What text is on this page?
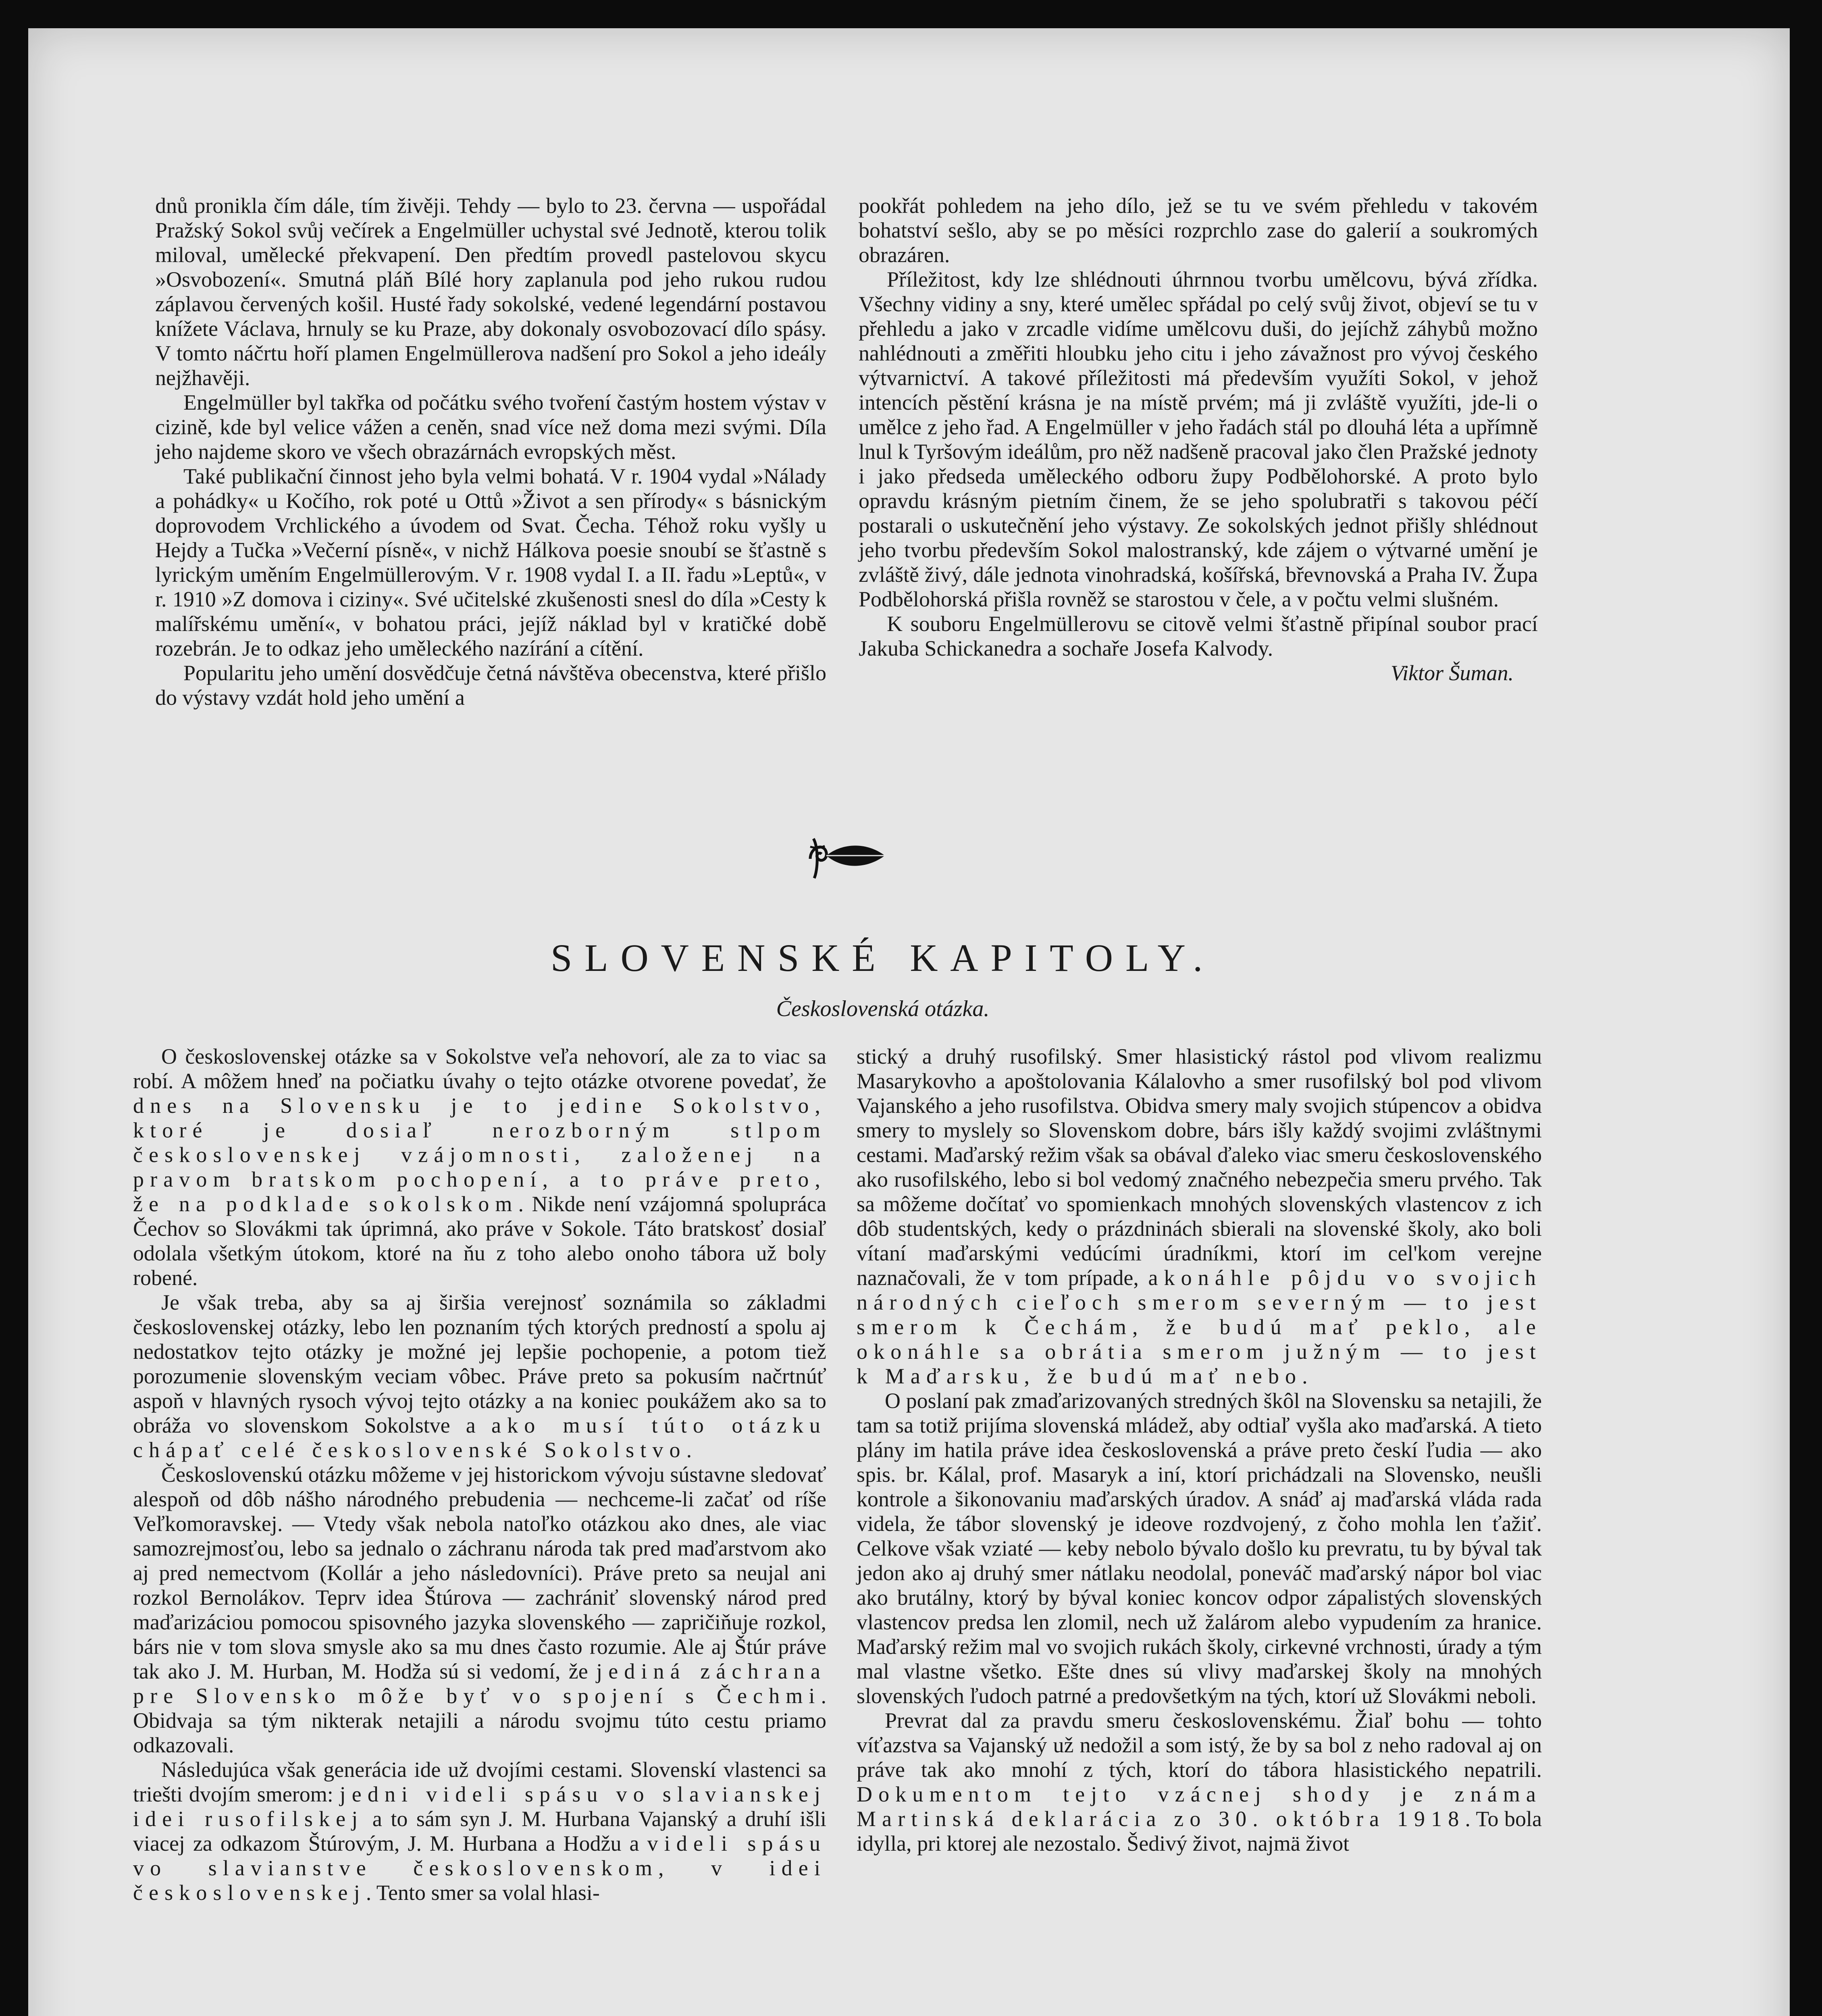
dnů pronikla čím dále, tím živěji. Tehdy — bylo to 23. června — uspořádal Pražský Sokol svůj večírek a Engelmüller uchystal své Jednotě, kterou tolik miloval, umělecké překvapení. Den předtím provedl pastelovou skycu »Osvobození«. Smutná pláň Bílé hory zaplanula pod jeho rukou rudou záplavou červených košil. Husté řady sokolské, vedené legendární postavou knížete Václava, hrnuly se ku Praze, aby dokonaly osvobozovací dílo spásy. V tomto náčrtu hoří plamen Engelmüllerova nadšení pro Sokol a jeho ideály nejžhavěji.

Engelmüller byl takřka od počátku svého tvoření častým hostem výstav v cizině, kde byl velice vážen a ceněn, snad více než doma mezi svými. Díla jeho najdeme skoro ve všech obrazárnách evropských měst.

Také publikační činnost jeho byla velmi bohatá. V r. 1904 vydal »Nálady a pohádky« u Kočího, rok poté u Ottů »Život a sen přírody« s básnickým doprovodem Vrchlického a úvodem od Svat. Čecha. Téhož roku vyšly u Hejdy a Tučka »Večerní písně«, v nichž Hálkova poesie snoubí se šťastně s lyrickým uměním Engelmüllerovým. V r. 1908 vydal I. a II. řadu »Leptů«, v r. 1910 »Z domova i ciziny«. Své učitelské zkušenosti snesl do díla »Cesty k malířskému umění«, v bohatou práci, jejíž náklad byl v kratičké době rozebrán. Je to odkaz jeho uměleckého nazírání a cítění.

Popularitu jeho umění dosvědčuje četná návštěva obecenstva, které přišlo do výstavy vzdát hold jeho umění a

pookřát pohledem na jeho dílo, jež se tu ve svém přehledu v takovém bohatství sešlo, aby se po měsíci rozprchlo zase do galerií a soukromých obrazáren.

Příležitost, kdy lze shlédnouti úhrnnou tvorbu umělcovu, bývá zřídka. Všechny vidiny a sny, které umělec spřádal po celý svůj život, objeví se tu v přehledu a jako v zrcadle vidíme umělcovu duši, do jejíchž záhybů možno nahlédnouti a změřiti hloubku jeho citu i jeho závažnost pro vývoj českého výtvarnictví. A takové příležitosti má především využíti Sokol, v jehož intencích pěstění krásna je na místě prvém; má ji zvláště využíti, jde-li o umělce z jeho řad. A Engelmüller v jeho řadách stál po dlouhá léta a upřímně lnul k Tyršovým ideálům, pro něž nadšeně pracoval jako člen Pražské jednoty i jako předseda uměleckého odboru župy Podbělohorské. A proto bylo opravdu krásným pietním činem, že se jeho spolubratři s takovou péčí postarali o uskutečnění jeho výstavy. Ze sokolských jednot přišly shlédnout jeho tvorbu především Sokol malostranský, kde zájem o výtvarné umění je zvláště živý, dále jednota vinohradská, košířská, břevnovská a Praha IV. Župa Podbělohorská přišla rovněž se starostou v čele, a v počtu velmi slušném.

K souboru Engelmüllerovu se citově velmi šťastně připínal soubor prací Jakuba Schickanedra a sochaře Josefa Kalvody.

Viktor Šuman.

SLOVENSKÉ KAPITOLY.

Československá otázka.

O československej otázke sa v Sokolstve veľa nehovorí, ale za to viac sa robí. A môžem hneď na počiatku úvahy o tejto otázke otvorene povedať, že dnes na Slovensku je to jedine Sokolstvo, ktoré je dosiaľ nerozborným stlpom československej vzájomnosti, založenej na pravom bratskom pochopení, a to práve preto, že na podklade sokolskom. Nikde není vzájomná spolupráca Čechov so Slovákmi tak úprimná, ako práve v Sokole. Táto bratskosť dosiaľ odolala všetkým útokom, ktoré na ňu z toho alebo onoho tábora už boly robené.

Je však treba, aby sa aj širšia verejnosť soznámila so základmi československej otázky, lebo len poznaním tých ktorých predností a spolu aj nedostatkov tejto otázky je možné jej lepšie pochopenie, a potom tiež porozumenie slovenským veciam vôbec. Práve preto sa pokusím načrtnúť aspoň v hlavných rysoch vývoj tejto otázky a na koniec poukážem ako sa to obráža vo slovenskom Sokolstve a ako musí túto otázku chápať celé československé Sokolstvo.

Československú otázku môžeme v jej historickom vývoju sústavne sledovať alespoň od dôb nášho národného prebudenia — nechceme-li začať od ríše Veľkomoravskej. — Vtedy však nebola natoľko otázkou ako dnes, ale viac samozrejmosťou, lebo sa jednalo o záchranu národa tak pred maďarstvom ako aj pred nemectvom (Kollár a jeho následovníci). Práve preto sa neujal ani rozkol Bernolákov. Teprv idea Štúrova — zachrániť slovenský národ pred maďarizáciou pomocou spisovného jazyka slovenského — zapričiňuje rozkol, bárs nie v tom slova smysle ako sa mu dnes často rozumie. Ale aj Štúr práve tak ako J. M. Hurban, M. Hodža sú si vedomí, že jediná záchrana pre Slovensko môže byť vo spojení s Čechmi. Obidvaja sa tým nikterak netajili a národu svojmu túto cestu priamo odkazovali.

Následujúca však generácia ide už dvojími cestami. Slovenskí vlastenci sa triešti dvojím smerom: jedni videli spásu vo slavianskej idei rusofilskej a to sám syn J. M. Hurbana Vajanský a druhí išli viacej za odkazom Štúrovým, J. M. Hurbana a Hodžu a videli spásu vo slavianstve československom, v idei československej. Tento smer sa volal hlasi-

stický a druhý rusofilský. Smer hlasistický rástol pod vlivom realizmu Masarykovho a apoštolovania Kálalovho a smer rusofilský bol pod vlivom Vajanského a jeho rusofilstva. Obidva smery maly svojich stúpencov a obidva smery to myslely so Slovenskom dobre, bárs išly každý svojimi zvláštnymi cestami. Maďarský režim však sa obával ďaleko viac smeru československého ako rusofilského, lebo si bol vedomý značného nebezpečia smeru prvého. Tak sa môžeme dočítať vo spomienkach mnohých slovenských vlastencov z ich dôb studentských, kedy o prázdninách sbierali na slovenské školy, ako boli vítaní maďarskými vedúcími úradníkmi, ktorí im cel'kom verejne naznačovali, že v tom prípade, akonáhle pôjdu vo svojich národných cieľoch smerom severným — to jest smerom k Čechám, že budú mať peklo, ale okonáhle sa obrátia smerom južným — to jest k Maďarsku, že budú mať nebo.

O poslaní pak zmaďarizovaných stredných škôl na Slovensku sa netajili, že tam sa totiž prijíma slovenská mládež, aby odtiaľ vyšla ako maďarská. A tieto plány im hatila práve idea československá a práve preto českí ľudia — ako spis. br. Kálal, prof. Masaryk a iní, ktorí prichádzali na Slovensko, neušli kontrole a šikonovaniu maďarských úradov. A snáď aj maďarská vláda rada videla, že tábor slovenský je ideove rozdvojený, z čoho mohla len ťažiť. Celkove však vziaté — keby nebolo bývalo došlo ku prevratu, tu by býval tak jedon ako aj druhý smer nátlaku neodolal, poneváč maďarský nápor bol viac ako brutálny, ktorý by býval koniec koncov odpor zápalistých slovenských vlastencov predsa len zlomil, nech už žalárom alebo vypudením za hranice. Maďarský režim mal vo svojich rukách školy, cirkevné vrchnosti, úrady a tým mal vlastne všetko. Ešte dnes sú vlivy maďarskej školy na mnohých slovenských ľudoch patrné a predovšetkým na tých, ktorí už Slovákmi neboli.

Prevrat dal za pravdu smeru československému. Žiaľ bohu — tohto víťazstva sa Vajanský už nedožil a som istý, že by sa bol z neho radoval aj on práve tak ako mnohí z tých, ktorí do tábora hlasistického nepatrili. Dokumentom tejto vzácnej shody je známa Martinská deklarácia zo 30. októbra 1918. To bola idylla, pri ktorej ale nezostalo. Šedivý život, najmä život
